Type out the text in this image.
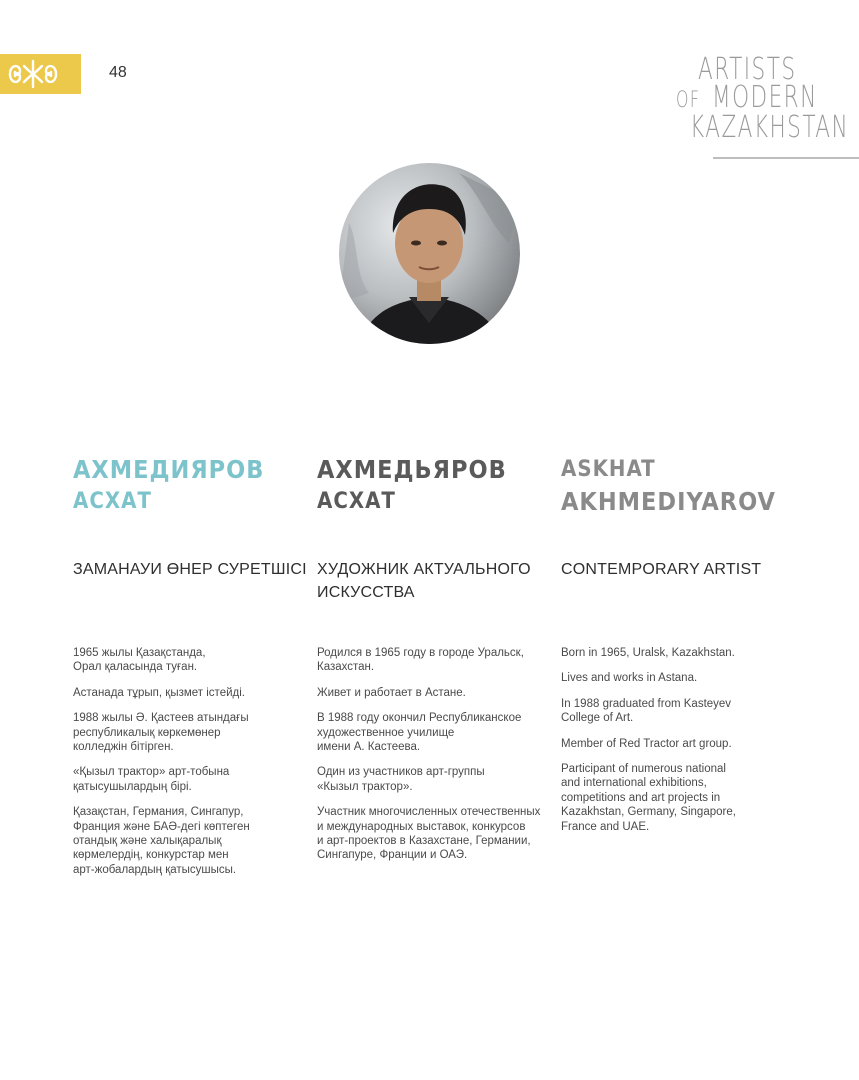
48	ARTISTS
OF MODERN
KAZAKHSTAN
АХМЕДИЯРОВ
АСХАТ
ЗАМАНАУИ ӨНЕР СУРЕТШІСІ

1965 жылы Қазақстанда,
Орал қаласында туған.

Астанада тұрып, қызмет істейді.

1988 жылы Ә. Қастеев атындағы
республикалық көркемөнер
колледжін бітірген.

«Қызыл трактор» арт-тобына
қатысушылардың бірі.

Қазақстан, Германия, Сингапур,
Франция және БАӘ-дегі көптеген
отандық және халықаралық
көрмелердің, конкурстар мен
арт-жобалардың қатысушысы.

АХМЕДЬЯРОВ
АСХАТ
ХУДОЖНИК АКТУАЛЬНОГО
ИСКУССТВА

Родился в 1965 году в городе Уральск,
Казахстан.

Живет и работает в Астане.

В 1988 году окончил Республиканское
художественное училище
имени А. Кастеева.

Один из участников арт-группы
«Кызыл трактор».

Участник многочисленных отечественных
и международных выставок, конкурсов
и арт-проектов в Казахстане, Германии,
Сингапуре, Франции и ОАЭ.

ASKHAT
AKHMEDIYAROV
CONTEMPORARY ARTIST

Born in 1965, Uralsk, Kazakhstan.

Lives and works in Astana.

In 1988 graduated from Kasteyev
College of Art.

Member of Red Tractor art group.

Participant of numerous national
and international exhibitions,
competitions and art projects in
Kazakhstan, Germany, Singapore,
France and UAE.
